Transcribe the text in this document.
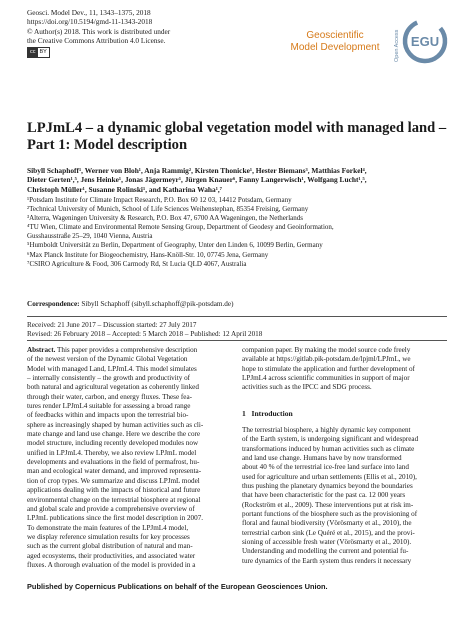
Geosci. Model Dev., 11, 1343–1375, 2018
https://doi.org/10.5194/gmd-11-1343-2018
© Author(s) 2018. This work is distributed under
the Creative Commons Attribution 4.0 License.
cc BY
Geoscientific
Model Development	Open Access EGU
LPJmL4 – a dynamic global vegetation model with managed land –
Part 1: Model description
Sibyll Schaphoff¹, Werner von Bloh¹, Anja Rammig², Kirsten Thonicke¹, Hester Biemans³, Matthias Forkel⁴,
Dieter Gerten¹,⁵, Jens Heinke¹, Jonas Jägermeyr¹, Jürgen Knauer⁶, Fanny Langerwisch¹, Wolfgang Lucht¹,⁵,
Christoph Müller¹, Susanne Rolinski¹, and Katharina Waha¹,⁷
¹Potsdam Institute for Climate Impact Research, P.O. Box 60 12 03, 14412 Potsdam, Germany
²Technical University of Munich, School of Life Sciences Weihenstephan, 85354 Freising, Germany
³Alterra, Wageningen University & Research, P.O. Box 47, 6700 AA Wageningen, the Netherlands
⁴TU Wien, Climate and Environmental Remote Sensing Group, Department of Geodesy and Geoinformation,
Gusshausstraße 25–29, 1040 Vienna, Austria
⁵Humboldt Universität zu Berlin, Department of Geography, Unter den Linden 6, 10099 Berlin, Germany
⁶Max Planck Institute for Biogeochemistry, Hans-Knöll-Str. 10, 07745 Jena, Germany
⁷CSIRO Agriculture & Food, 306 Carmody Rd, St Lucia QLD 4067, Australia
Correspondence: Sibyll Schaphoff (sibyll.schaphoff@pik-potsdam.de)
Received: 21 June 2017 – Discussion started: 27 July 2017
Revised: 26 February 2018 – Accepted: 5 March 2018 – Published: 12 April 2018
Abstract. This paper provides a comprehensive description
of the newest version of the Dynamic Global Vegetation
Model with managed Land, LPJmL4. This model simulates
– internally consistently – the growth and productivity of
both natural and agricultural vegetation as coherently linked
through their water, carbon, and energy fluxes. These fea-
tures render LPJmL4 suitable for assessing a broad range
of feedbacks within and impacts upon the terrestrial bio-
sphere as increasingly shaped by human activities such as cli-
mate change and land use change. Here we describe the core
model structure, including recently developed modules now
unified in LPJmL4. Thereby, we also review LPJmL model
developments and evaluations in the field of permafrost, hu-
man and ecological water demand, and improved representa-
tion of crop types. We summarize and discuss LPJmL model
applications dealing with the impacts of historical and future
environmental change on the terrestrial biosphere at regional
and global scale and provide a comprehensive overview of
LPJmL publications since the first model description in 2007.
To demonstrate the main features of the LPJmL4 model,
we display reference simulation results for key processes
such as the current global distribution of natural and man-
aged ecosystems, their productivities, and associated water
fluxes. A thorough evaluation of the model is provided in a
companion paper. By making the model source code freely
available at https://gitlab.pik-potsdam.de/lpjml/LPJmL, we
hope to stimulate the application and further development of
LPJmL4 across scientific communities in support of major
activities such as the IPCC and SDG process.
1 Introduction
The terrestrial biosphere, a highly dynamic key component
of the Earth system, is undergoing significant and widespread
transformations induced by human activities such as climate
and land use change. Humans have by now transformed
about 40 % of the terrestrial ice-free land surface into land
used for agriculture and urban settlements (Ellis et al., 2010),
thus pushing the planetary dynamics beyond the boundaries
that have been characteristic for the past ca. 12 000 years
(Rockström et al., 2009). These interventions put at risk im-
portant functions of the biosphere such as the provisioning of
floral and faunal biodiversity (Vörösmarty et al., 2010), the
terrestrial carbon sink (Le Quéré et al., 2015), and the provi-
sioning of accessible fresh water (Vörösmarty et al., 2010).
Understanding and modelling the current and potential fu-
ture dynamics of the Earth system thus renders it necessary
Published by Copernicus Publications on behalf of the European Geosciences Union.
